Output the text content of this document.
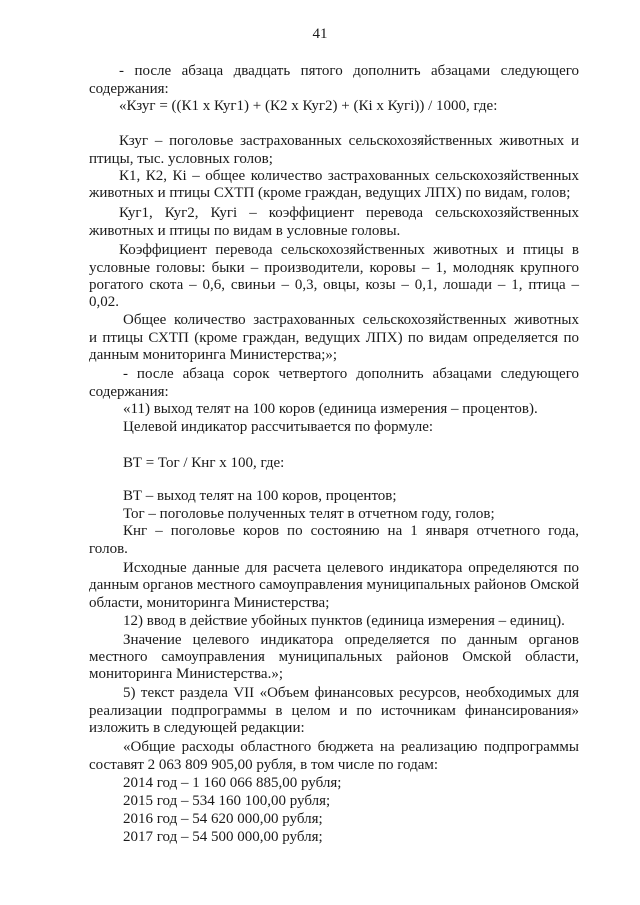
41
- после абзаца двадцать пятого дополнить абзацами следующего
содержания:
«Кзуг = ((К1 х Куг1) + (К2 х Куг2) + (Кi х Кугi)) / 1000, где:
Кзуг – поголовье застрахованных сельскохозяйственных животных и
птицы, тыс. условных голов;
К1, К2, Кi – общее количество застрахованных сельскохозяйственных
животных и птицы СХТП (кроме граждан, ведущих ЛПХ) по видам, голов;
Куг1, Куг2, Кугi – коэффициент перевода сельскохозяйственных
животных и птицы по видам в условные головы.
Коэффициент перевода сельскохозяйственных животных и птицы в
условные головы: быки – производители, коровы – 1, молодняк крупного
рогатого скота – 0,6, свиньи – 0,3, овцы, козы – 0,1, лошади – 1, птица –
0,02.
Общее количество застрахованных сельскохозяйственных животных
и птицы СХТП (кроме граждан, ведущих ЛПХ) по видам определяется по
данным мониторинга Министерства;»;
- после абзаца сорок четвертого дополнить абзацами следующего
содержания:
«11) выход телят на 100 коров (единица измерения – процентов).
Целевой индикатор рассчитывается по формуле:
ВТ = Тог / Кнг х 100, где:
ВТ – выход телят на 100 коров, процентов;
Тог – поголовье полученных телят в отчетном году, голов;
Кнг – поголовье коров по состоянию на 1 января отчетного года,
голов.
Исходные данные для расчета целевого индикатора определяются по
данным органов местного самоуправления муниципальных районов Омской
области, мониторинга Министерства;
12) ввод в действие убойных пунктов (единица измерения – единиц).
Значение целевого индикатора определяется по данным органов
местного самоуправления муниципальных районов Омской области,
мониторинга Министерства.»;
5) текст раздела VII «Объем финансовых ресурсов, необходимых для
реализации подпрограммы в целом и по источникам финансирования»
изложить в следующей редакции:
«Общие расходы областного бюджета на реализацию подпрограммы
составят 2 063 809 905,00 рубля, в том числе по годам:
2014 год – 1 160 066 885,00 рубля;
2015 год – 534 160 100,00 рубля;
2016 год – 54 620 000,00 рубля;
2017 год – 54 500 000,00 рубля;
